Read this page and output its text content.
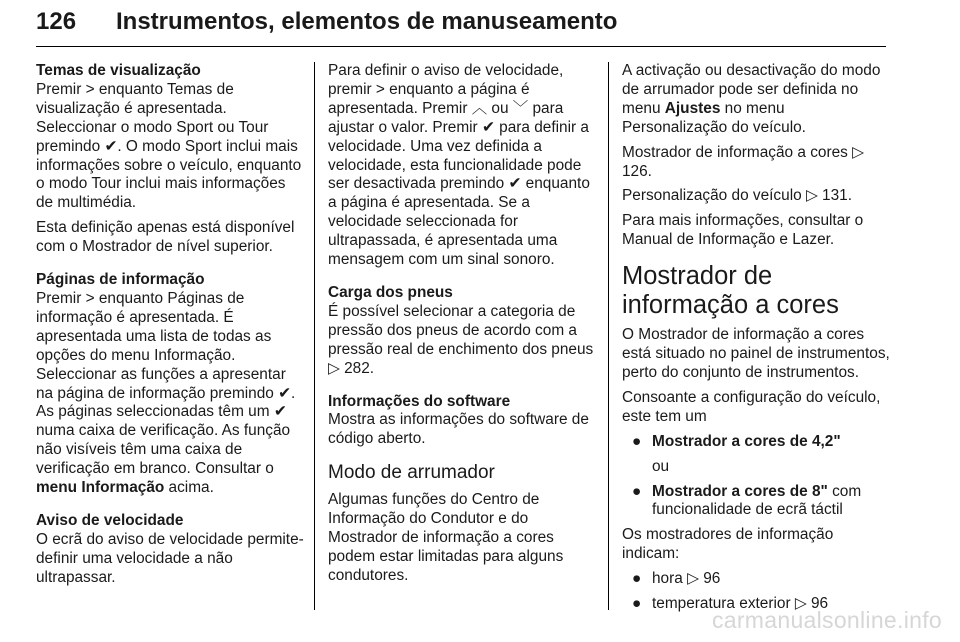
126 Instrumentos, elementos de manuseamento
Temas de visualização

Premir > enquanto Temas de visualização é apresentada. Seleccionar o modo Sport ou Tour premindo ✔. O modo Sport inclui mais informações sobre o veículo, enquanto o modo Tour inclui mais informações de multimédia.

Esta definição apenas está disponível com o Mostrador de nível superior.

Páginas de informação

Premir > enquanto Páginas de informação é apresentada. É apresentada uma lista de todas as opções do menu Informação. Seleccionar as funções a apresentar na página de informação premindo ✔. As páginas seleccionadas têm um ✔ numa caixa de verificação. As função não visíveis têm uma caixa de verificação em branco. Consultar o menu Informação acima.

Aviso de velocidade

O ecrã do aviso de velocidade permite- definir uma velocidade a não ultrapassar.

Para definir o aviso de velocidade, premir > enquanto a página é apresentada. Premir ︿ ou ﹀ para ajustar o valor. Premir ✔ para definir a velocidade. Uma vez definida a velocidade, esta funcionalidade pode ser desactivada premindo ✔ enquanto a página é apresentada. Se a velocidade seleccionada for ultrapassada, é apresentada uma mensagem com um sinal sonoro.

Carga dos pneus

É possível selecionar a categoria de pressão dos pneus de acordo com a pressão real de enchimento dos pneus ▷ 282.

Informações do software

Mostra as informações do software de código aberto.

Modo de arrumador

Algumas funções do Centro de Informação do Condutor e do Mostrador de informação a cores podem estar limitadas para alguns condutores.

A activação ou desactivação do modo de arrumador pode ser definida no menu Ajustes no menu Personalização do veículo.

Mostrador de informação a cores ▷ 126.

Personalização do veículo ▷ 131.

Para mais informações, consultar o Manual de Informação e Lazer.

Mostrador de informação a cores

O Mostrador de informação a cores está situado no painel de instrumentos, perto do conjunto de instrumentos.

Consoante a configuração do veículo, este tem um

● Mostrador a cores de 4,2"
ou
● Mostrador a cores de 8" com funcionalidade de ecrã táctil

Os mostradores de informação indicam:

● hora ▷ 96
● temperatura exterior ▷ 96
carmanualsonline.info
